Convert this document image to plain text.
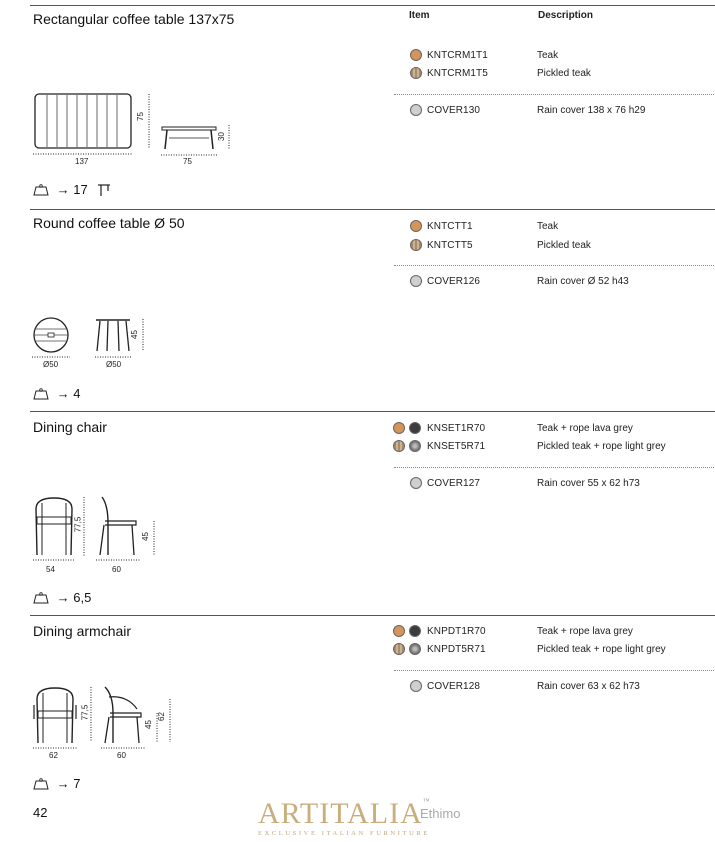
Rectangular coffee table 137x75	Item	Description
KNTCRM1T1	Teak
KNTCRM1T5	Pickled teak
COVER130	Rain cover 138 x 76 h29
75
137
30
75
→ 17
Round coffee table Ø 50	KNTCTT1	Teak
KNTCTT5	Pickled teak
COVER126	Rain cover Ø 52 h43
Ø50
45
Ø50
→ 4
Dining chair	KNSET1R70	Teak + rope lava grey
KNSET5R71	Pickled teak + rope light grey
COVER127	Rain cover 55 x 62 h73
77,5
54
45
60
→ 6,5
Dining armchair	KNPDT1R70	Teak + rope lava grey
KNPDT5R71	Pickled teak + rope light grey
COVER128	Rain cover 63 x 62 h73
77,5
62
45
62
60
→ 7
42	ARTITALIA™
EXCLUSIVE ITALIAN FURNITURE
Ethimo
